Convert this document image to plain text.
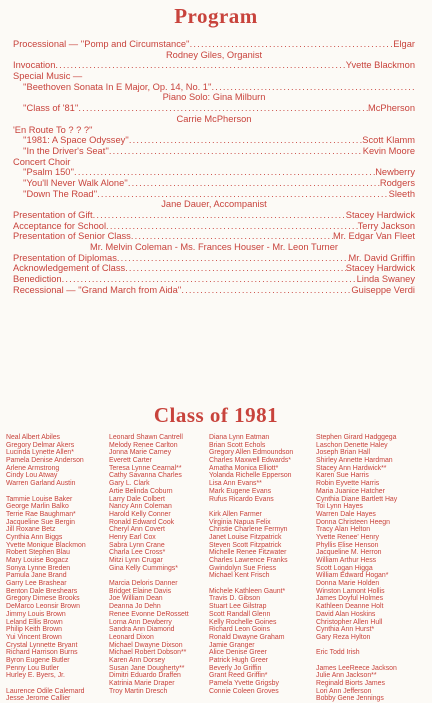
Program
Processional — ''Pomp and Circumstance'' .....	Elgar
Rodney Giles, Organist
Invocation .....	Yvette Blackmon
Special Music —
''Beethoven Sonata In E Major, Op. 14, No. 1''
.....
Piano Solo: Gina Milburn
''Class of '81'' .....	McPherson
Carrie McPherson
'En Route To ? ? ?''
''1981: A Space Odyssey'' .....	Scott Klamm
''In the Driver's Seat'' .....	Kevin Moore
Concert Choir
''Psalm 150'' .....	Newberry
''You'll Never Walk Alone'' .....	Rodgers
''Down The Road'' .....	Sleeth
Jane Dauer, Accompanist
Presentation of Gift .....	Stacey Hardwick
Acceptance for School .....	Terry Jackson
Presentation of Senior Class .....	Mr. Edgar Van Fleet
Mr. Melvin Coleman - Ms. Frances Houser - Mr. Leon Turner
Presentation of Diplomas .....	Mr. David Griffin
Acknowledgement of Class .....	Stacey Hardwick
Benediction .....	Linda Swaney
Recessional — ''Grand March from Aida'' .....	Guiseppe Verdi
Class of 1981
Neal Albert Abiles
Gregory Delmar Akers
Lucinda Lynette Allen*
Pamela Denise Anderson
Arlene Armstrong
Cindy Lou Atway
Warren Garland Austin
Tammie Louise Baker
George Marlin Balko
Terrie Rae Baughman*
Jacqueline Sue Bergin
Jill Roxane Betz
Cynthia Ann Biggs
Yvette Monique Blackmon
Robert Stephen Blau
Mary Louise Bogacz
Sonya Lynne Breden
Pamula Jane Brand
Garry Lee Brashear
Benton Dale Breshears
Gregory Dimese Brooks
DeMarco Leonsir Brown
Jimmy Louis Brown
Leland Ellis Brown
Philip Keith Brown
Yui Vincent Brown
Crystal Lynnette Bryant
Richard Harrison Burns
Byron Eugene Butler
Penny Lou Butler
Hurley E. Byers, Jr.
Laurence Odile Calemard
Jesse Jerome Callier
Leonard Shawn Cantrell
Melody Renee Carlton
Jonna Marie Carney
Everett Carter
Teresa Lynne Cearnal**
Cathy Savanna Charles
Gary L. Clark
Artie Belinda Coburn
Larry Dale Colbert
Nancy Ann Coleman
Harold Kelly Conner
Ronald Edward Cook
Cheryl Ann Covert
Henry Earl Cox
Sabra Lynn Crane
Charla Lee Cross*
Mitzi Lynn Crugar
Gina Kelly Cummings*
Marcia Deloris Danner
Bridget Elaine Davis
Joe William Dean
Deanna Jo Dehn
Renee Evonne DeRossett
Lorna Ann Dewberry
Sandra Ann Diamond
Leonard Dixon
Michael Dwayne Dixson
Michael Robert Dobson**
Karen Ann Dorsey
Susan Jane Dougherty**
Dimitri Eduardo Draffen
Katrinia Marie Draper
Troy Martin Dresch
Diana Lynn Eatman
Brian Scott Echols
Gregory Allen Edmoundson
Charles Maxwell Edwards*
Amatha Monica Elliott*
Yolanda Richelle Epperson
Lisa Ann Evans**
Mark Eugene Evans
Rufus Ricardo Evans
Kirk Allen Farmer
Virginia Napua Felix
Christie Charlene Fermyn
Janet Louise Fitzpatrick
Steven Scott Fitzpatrick
Michelle Renee Fitzwater
Charles Lawrence Franks
Gwindolyn Sue Friess
Michael Kent Frisch
Michele Kathleen Gaunt*
Travis D. Gibson
Stuart Lee Gilstrap
Scott Randall Glenn
Kelly Rochelle Goines
Richard Leon Goins
Ronald Dwayne Graham
Jamie Granger
Alice Denise Greer
Patrick Hugh Greer
Beverly Jo Griffin
Grant Reed Griffin*
Pamela Yvette Grigsby
Connie Coleen Groves
Stephen Girard Hadggega
Laschon Denette Haley
Joseph Brian Hall
Shirley Annette Hardman
Stacey Ann Hardwick**
Karen Sue Harris
Robin Eyvette Harris
Maria Juanice Hatcher
Cynthia Diane Bartlett Hay
Toi Lynn Hayes
Warren Dale Hayes
Donna Christeen Heegn
Tracy Alan Helton
Yvette Renee' Henry
Phyllis Elise Henson
Jacqueline M. Herron
William Arthur Hess
Scott Logan Higga
William Edward Hogan*
Donna Marie Holden
Winston Lamont Hollis
James Doyful Holmes
Kathleen Deanne Holt
David Alan Hoskins
Christopher Allen Hull
Cynthia Ann Hurst*
Gary Reza Hylton
Eric Todd Irish
James LeeReece Jackson
Julie Ann Jackson**
Reginald Biorts James
Lori Ann Jefferson
Bobby Gene Jennings
